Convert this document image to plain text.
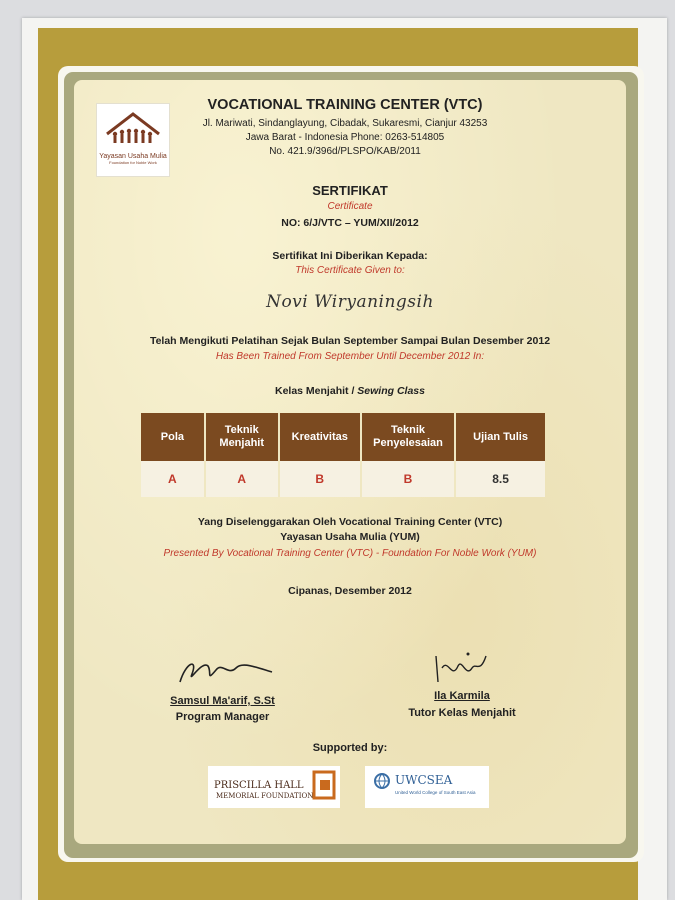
Yayasan Usaha Mulia
Foundation for Noble Work
VOCATIONAL TRAINING CENTER (VTC)
Jl. Mariwati, Sindanglayung, Cibadak, Sukaresmi, Cianjur 43253
Jawa Barat - Indonesia Phone: 0263-514805
No. 421.9/396d/PLSPO/KAB/2011
SERTIFIKAT
Certificate
NO: 6/J/VTC – YUM/XII/2012
Sertifikat Ini Diberikan Kepada:
This Certificate Given to:
Novi Wiryaningsih
Telah Mengikuti Pelatihan Sejak Bulan September Sampai Bulan Desember 2012
Has Been Trained From September Until December 2012 In:
Kelas Menjahit / Sewing Class
Pola	Teknik Menjahit	Kreativitas	Teknik Penyelesaian	Ujian Tulis
A	A	B	B	8.5
Yang Diselenggarakan Oleh Vocational Training Center (VTC)
Yayasan Usaha Mulia (YUM)
Presented By Vocational Training Center (VTC) - Foundation For Noble Work (YUM)
Cipanas, Desember 2012
Samsul Ma'arif, S.St
Program Manager
Ila Karmila
Tutor Kelas Menjahit
Supported by:
PRISCILLA HALL
MEMORIAL FOUNDATION
UWCSEA
United World College of South East Asia
